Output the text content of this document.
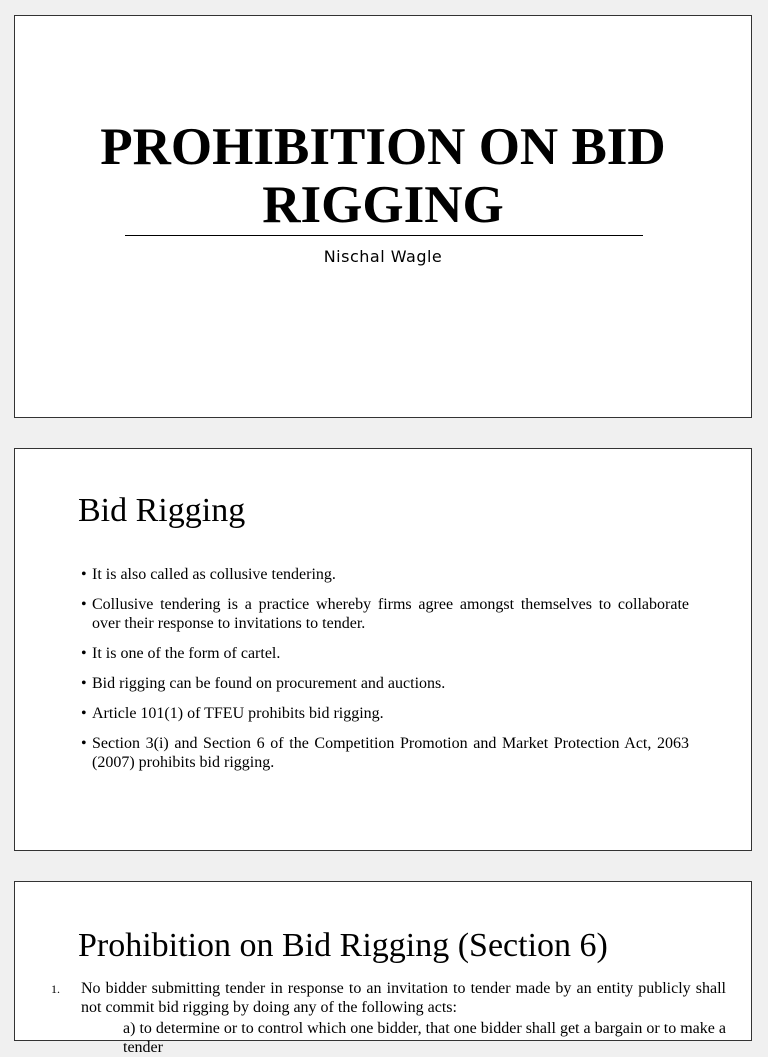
PROHIBITION ON BID
RIGGING
Nischal Wagle
Bid Rigging
• It is also called as collusive tendering.
• Collusive tendering is a practice whereby firms agree amongst themselves to collaborate over their response to invitations to tender.
• It is one of the form of cartel.
• Bid rigging can be found on procurement and auctions.
• Article 101(1) of TFEU prohibits bid rigging.
• Section 3(i) and Section 6 of the Competition Promotion and Market Protection Act, 2063 (2007) prohibits bid rigging.
Prohibition on Bid Rigging (Section 6)
1. No bidder submitting tender in response to an invitation to tender made by an entity publicly shall not commit bid rigging by doing any of the following acts:
a) to determine or to control which one bidder, that one bidder shall get a bargain or to make a tender
